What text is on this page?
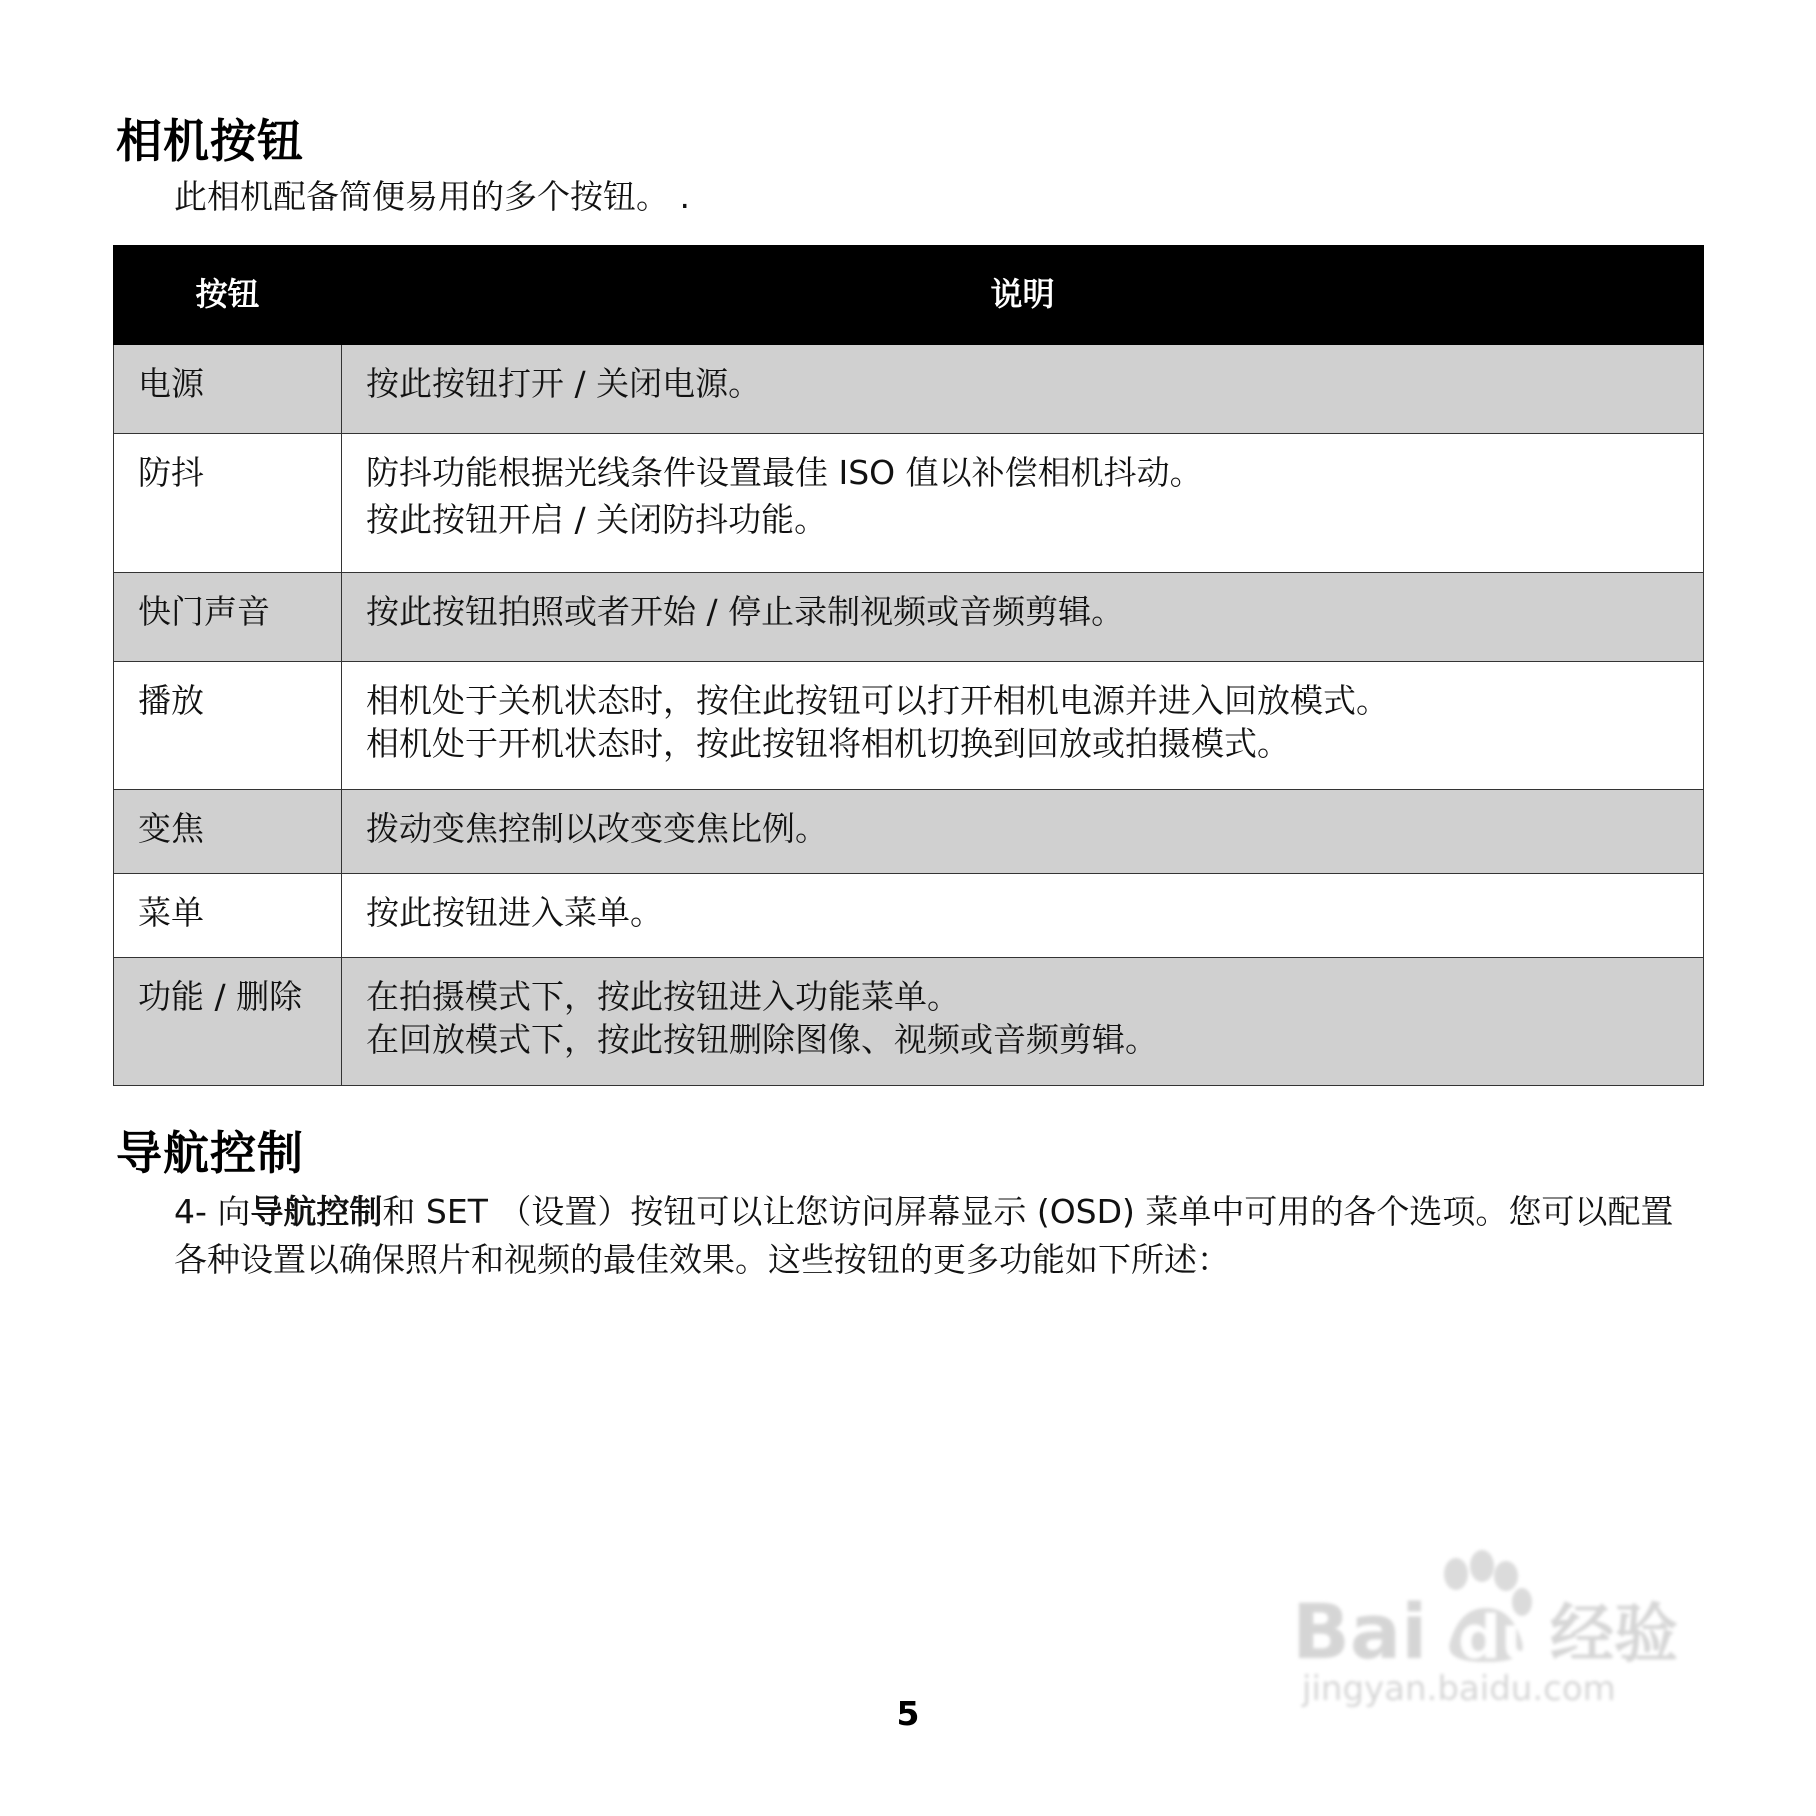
相机按钮

此相机配备简便易用的多个按钮。 .

按钮	说明
电源	按此按钮打开 / 关闭电源。

防抖	防抖功能根据光线条件设置最佳 ISO 值以补偿相机抖动。
按此按钮开启 / 关闭防抖功能。

快门声音	按此按钮拍照或者开始 / 停止录制视频或音频剪辑。

播放	相机处于关机状态时，按住此按钮可以打开相机电源并进入回放模式。
相机处于开机状态时，按此按钮将相机切换到回放或拍摄模式。

变焦	拨动变焦控制以改变变焦比例。

菜单	按此按钮进入菜单。

功能 / 删除	在拍摄模式下，按此按钮进入功能菜单。
在回放模式下，按此按钮删除图像、视频或音频剪辑。
导航控制

4- 向导航控制和 SET （设置）按钮可以让您访问屏幕显示 (OSD) 菜单中可用的各个选项。您可以配置各种设置以确保照片和视频的最佳效果。这些按钮的更多功能如下所述：

5
Bai du 经验
jingyan.baidu.com
